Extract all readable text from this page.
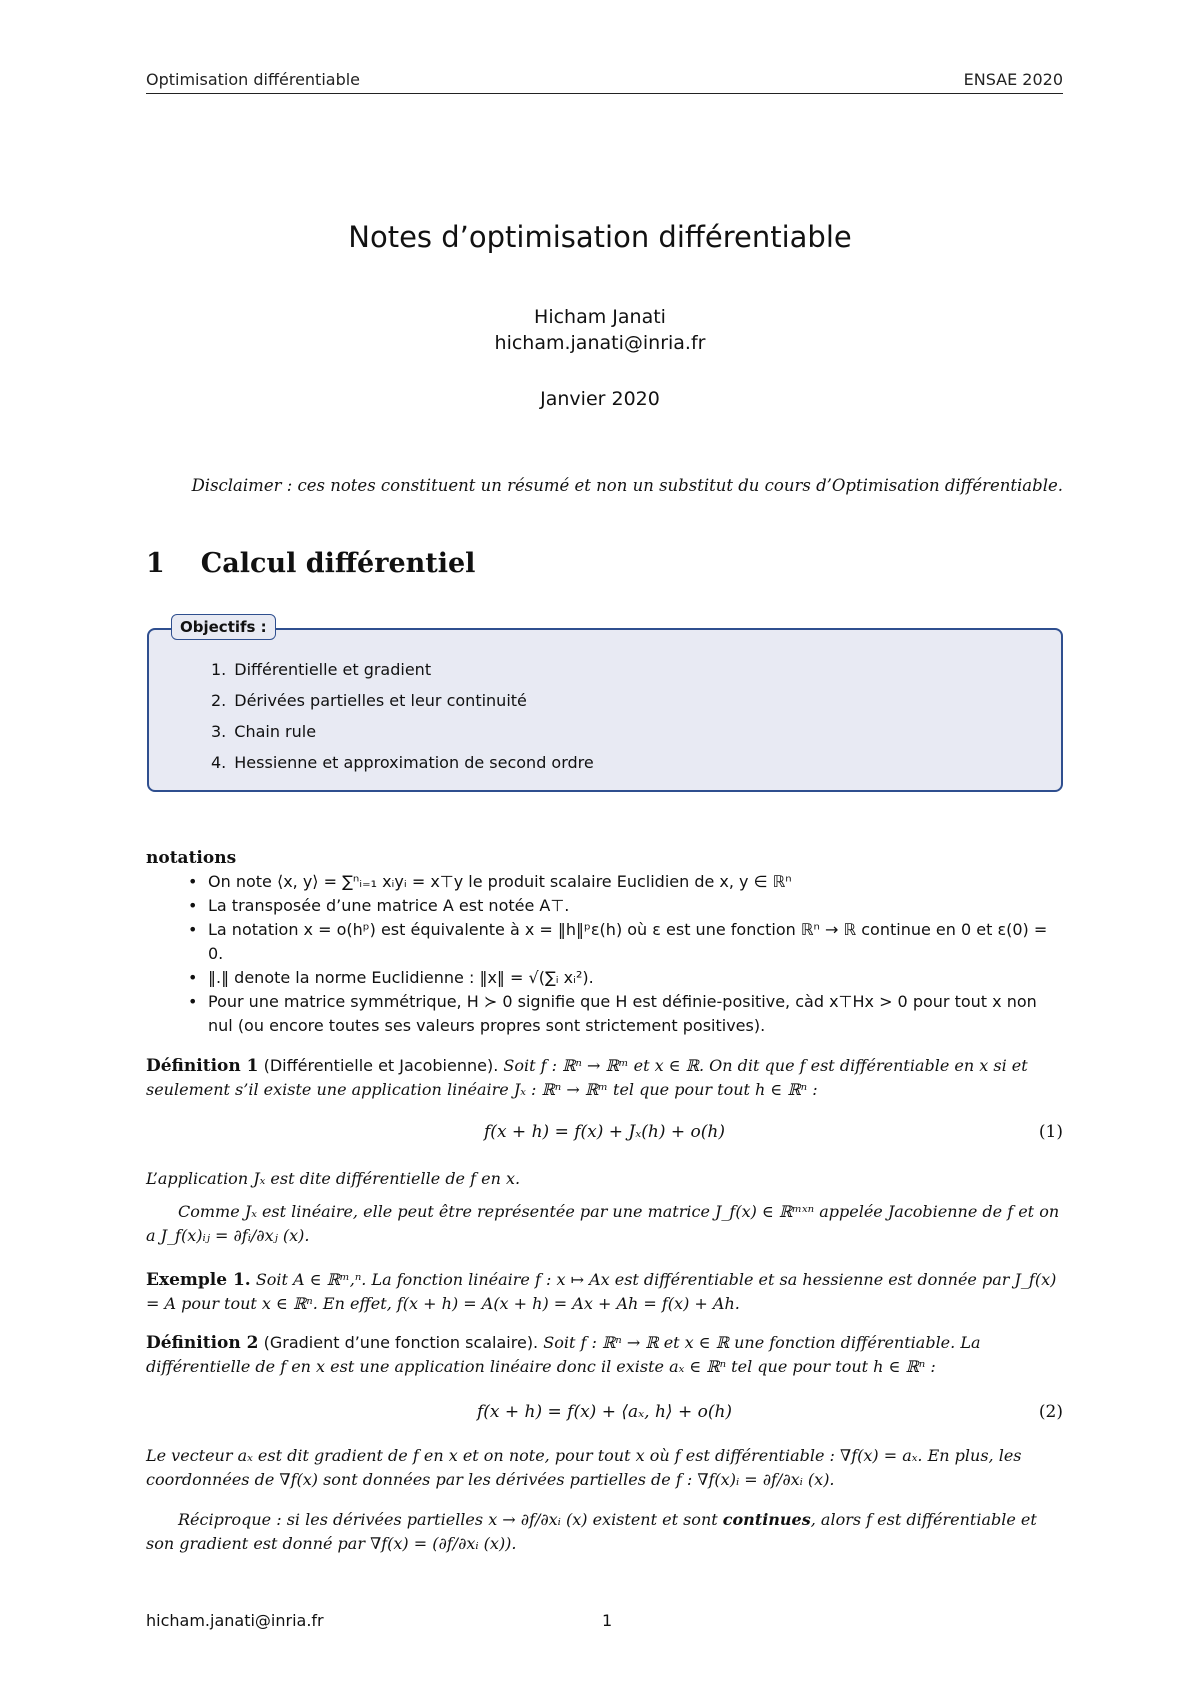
Optimisation différentiable	ENSAE 2020
Notes d’optimisation différentiable
Hicham Janati
hicham.janati@inria.fr
Janvier 2020
Disclaimer : ces notes constituent un résumé et non un substitut du cours d’Optimisation différentiable.
1 Calcul différentiel
Objectifs :
1. Différentielle et gradient
2. Dérivées partielles et leur continuité
3. Chain rule
4. Hessienne et approximation de second ordre
notations
• On note ⟨x, y⟩ = ∑ⁿᵢ₌₁ xᵢyᵢ = x⊤y le produit scalaire Euclidien de x, y ∈ ℝⁿ
• La transposée d’une matrice A est notée A⊤.
• La notation x = o(hᵖ) est équivalente à x = ‖h‖ᵖε(h) où ε est une fonction ℝⁿ → ℝ continue en 0 et ε(0) = 0.
• ‖.‖ denote la norme Euclidienne : ‖x‖ = √(∑ᵢ xᵢ²).
• Pour une matrice symmétrique, H ≻ 0 signifie que H est définie-positive, càd x⊤Hx > 0 pour tout x non nul (ou encore toutes ses valeurs propres sont strictement positives).
Définition 1 (Différentielle et Jacobienne). Soit f : ℝⁿ → ℝᵐ et x ∈ ℝ. On dit que f est différentiable en x si et seulement s’il existe une application linéaire Jₓ : ℝⁿ → ℝᵐ tel que pour tout h ∈ ℝⁿ :
f(x + h) = f(x) + Jₓ(h) + o(h)	(1)
L’application Jₓ est dite différentielle de f en x.
Comme Jₓ est linéaire, elle peut être représentée par une matrice J_f(x) ∈ ℝᵐˣⁿ appelée Jacobienne de f et on a J_f(x)ᵢⱼ = ∂fᵢ/∂xⱼ (x).
Exemple 1. Soit A ∈ ℝᵐ,ⁿ. La fonction linéaire f : x ↦ Ax est différentiable et sa hessienne est donnée par J_f(x) = A pour tout x ∈ ℝⁿ. En effet, f(x + h) = A(x + h) = Ax + Ah = f(x) + Ah.
Définition 2 (Gradient d’une fonction scalaire). Soit f : ℝⁿ → ℝ et x ∈ ℝ une fonction différentiable. La différentielle de f en x est une application linéaire donc il existe aₓ ∈ ℝⁿ tel que pour tout h ∈ ℝⁿ :
f(x + h) = f(x) + ⟨aₓ, h⟩ + o(h)	(2)
Le vecteur aₓ est dit gradient de f en x et on note, pour tout x où f est différentiable : ∇f(x) = aₓ. En plus, les coordonnées de ∇f(x) sont données par les dérivées partielles de f : ∇f(x)ᵢ = ∂f/∂xᵢ (x).
Réciproque : si les dérivées partielles x → ∂f/∂xᵢ (x) existent et sont continues, alors f est différentiable et son gradient est donné par ∇f(x) = (∂f/∂xᵢ (x)).
hicham.janati@inria.fr	1
